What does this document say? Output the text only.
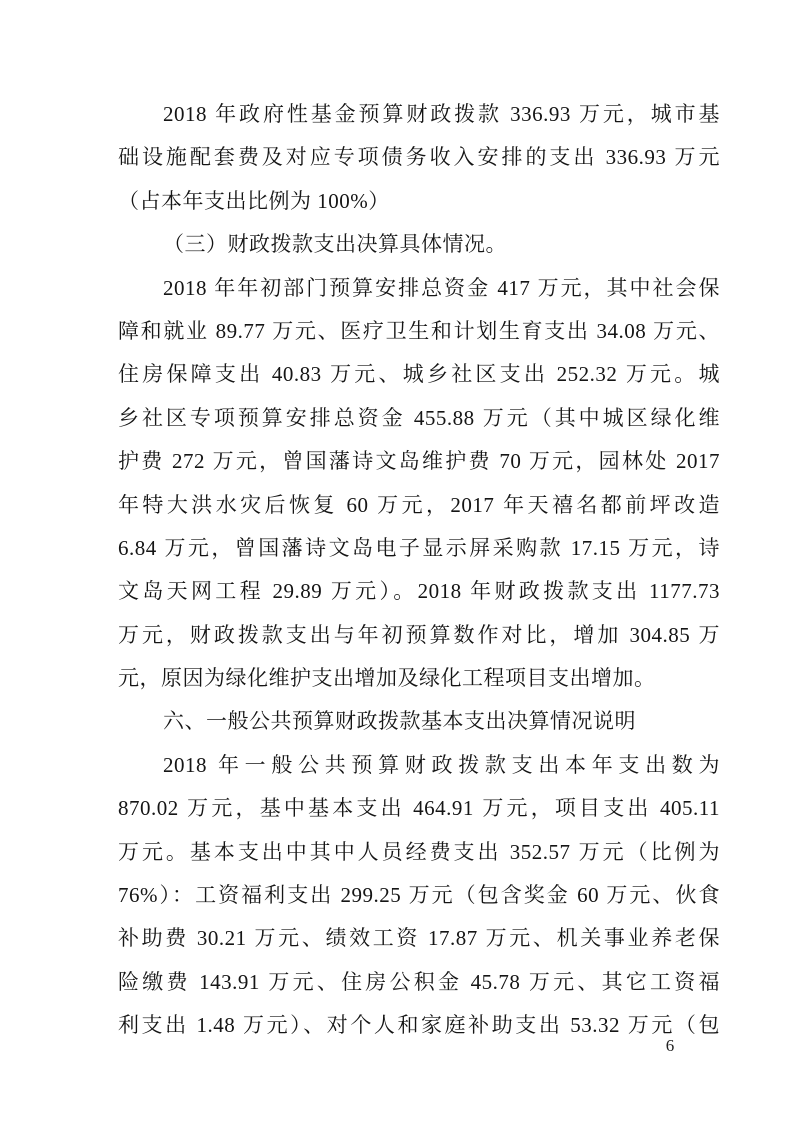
2018 年政府性基金预算财政拨款 336.93 万元，城市基

础设施配套费及对应专项债务收入安排的支出 336.93 万元

（占本年支出比例为 100%）

（三）财政拨款支出决算具体情况。

2018 年年初部门预算安排总资金 417 万元，其中社会保

障和就业 89.77 万元、医疗卫生和计划生育支出 34.08 万元、

住房保障支出 40.83 万元、城乡社区支出 252.32 万元。城

乡社区专项预算安排总资金 455.88 万元（其中城区绿化维

护费 272 万元，曾国藩诗文岛维护费 70 万元，园林处 2017

年特大洪水灾后恢复 60 万元，2017 年天禧名都前坪改造

6.84 万元，曾国藩诗文岛电子显示屏采购款 17.15 万元，诗

文岛天网工程 29.89 万元）。2018 年财政拨款支出 1177.73

万元，财政拨款支出与年初预算数作对比，增加 304.85 万

元，原因为绿化维护支出增加及绿化工程项目支出增加。

六、一般公共预算财政拨款基本支出决算情况说明

2018 年一般公共预算财政拨款支出本年支出数为

870.02 万元，基中基本支出 464.91 万元，项目支出 405.11

万元。基本支出中其中人员经费支出 352.57 万元（比例为

76%）：工资福利支出 299.25 万元（包含奖金 60 万元、伙食

补助费 30.21 万元、绩效工资 17.87 万元、机关事业养老保

险缴费 143.91 万元、住房公积金 45.78 万元、其它工资福

利支出 1.48 万元）、对个人和家庭补助支出 53.32 万元（包

6
